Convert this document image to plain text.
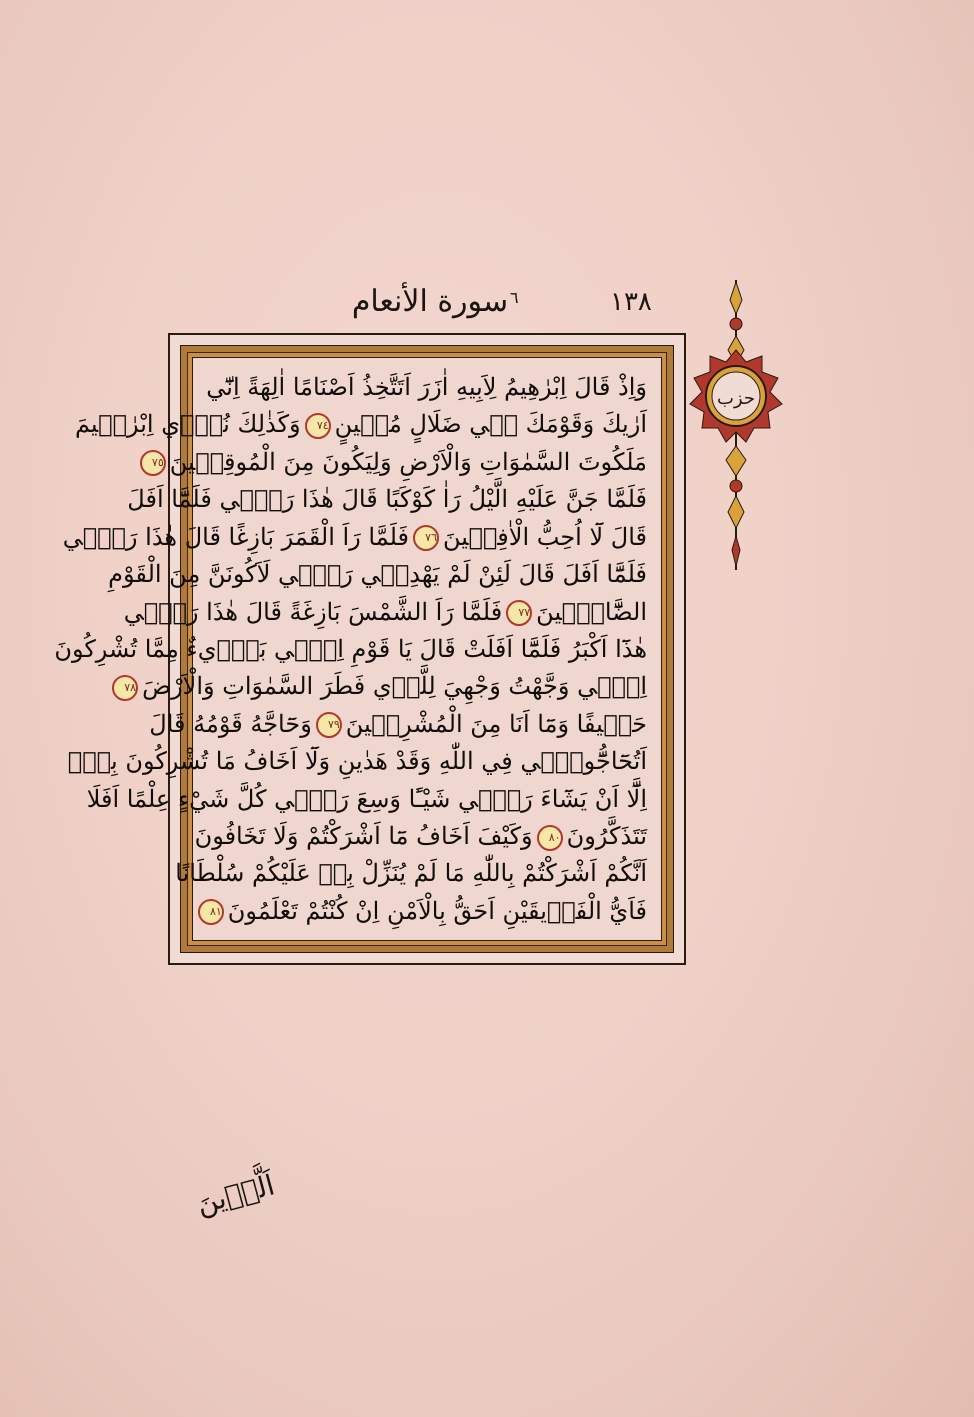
سورة الأنعام ٦	١٣٨
حزب
وَاِذْ قَالَ اِبْرٰهِيمُ لِاَبِيهِ اٰزَرَ اَتَتَّخِذُ اَصْنَامًا اٰلِهَةً اِنّٓي
اَرٰيكَ وَقَوْمَكَ فٖي ضَلَالٍ مُبٖينٍ٧٤وَكَذٰلِكَ نُرٖٓي اِبْرٰهٖيمَ
مَلَكُوتَ السَّمٰوَاتِ وَالْاَرْضِ وَلِيَكُونَ مِنَ الْمُوقِنٖينَ٧٥
فَلَمَّا جَنَّ عَلَيْهِ الَّيْلُ رَاٰ كَوْكَبًا قَالَ هٰذَا رَبّٖي فَلَمَّٓا اَفَلَ
قَالَ لَٓا اُحِبُّ الْاٰفِلٖينَ٧٦فَلَمَّا رَاَ الْقَمَرَ بَازِغًا قَالَ هٰذَا رَبّٖي
فَلَمَّٓا اَفَلَ قَالَ لَئِنْ لَمْ يَهْدِنٖي رَبّٖي لَاَكُونَنَّ مِنَ الْقَوْمِ
الضَّٓالّٖينَ٧٧فَلَمَّا رَاَ الشَّمْسَ بَازِغَةً قَالَ هٰذَا رَبّٖي
هٰذَٓا اَكْبَرُ فَلَمَّٓا اَفَلَتْ قَالَ يَا قَوْمِ اِنّٖي بَرٖٓيءٌ مِمَّا تُشْرِكُونَ
اِنّٖي وَجَّهْتُ وَجْهِيَ لِلَّذٖي فَطَرَ السَّمٰوَاتِ وَالْاَرْضَ٧٨
حَنٖيفًا وَمَٓا اَنَا مِنَ الْمُشْرِكٖينَ٧٩وَحَٓاجَّهُ قَوْمُهُ قَالَ
اَتُحَٓاجُّٓونّٖي فِي اللّٰهِ وَقَدْ هَدٰينِ وَلَٓا اَخَافُ مَا تُشْرِكُونَ بِهٖٓ
اِلَّٓا اَنْ يَشَٓاءَ رَبّٖي شَيْـًٔا وَسِعَ رَبّٖي كُلَّ شَيْءٍ عِلْمًا اَفَلَا
تَتَذَكَّرُونَ٨٠وَكَيْفَ اَخَافُ مَٓا اَشْرَكْتُمْ وَلَا تَخَافُونَ
اَنَّكُمْ اَشْرَكْتُمْ بِاللّٰهِ مَا لَمْ يُنَزِّلْ بِهٖ عَلَيْكُمْ سُلْطَانًا
فَاَيُّ الْفَرٖيقَيْنِ اَحَقُّ بِالْاَمْنِ اِنْ كُنْتُمْ تَعْلَمُونَ٨١
اَلَّذٖينَ
